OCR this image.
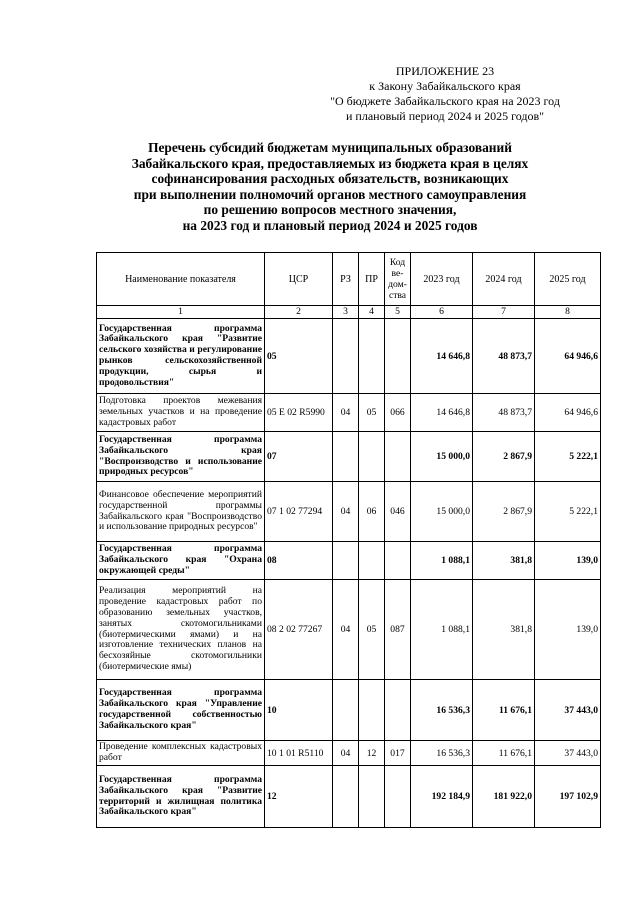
ПРИЛОЖЕНИЕ 23
к Закону Забайкальского края
"О бюджете Забайкальского края на 2023 год
и плановый период 2024 и 2025 годов"
Перечень субсидий бюджетам муниципальных образований
Забайкальского края, предоставляемых из бюджета края в целях
софинансирования расходных обязательств, возникающих
при выполнении полномочий органов местного самоуправления
по решению вопросов местного значения,
на 2023 год и плановый период 2024 и 2025 годов
Наименование показателя	ЦСР	РЗ	ПР	Код ве-дом-ства	2023 год	2024 год	2025 год
1	2	3	4	5	6	7	8
Государственная программа Забайкальского края "Развитие сельского хозяйства и регулирование рынков сельскохозяйственной продукции, сырья и продовольствия"	05				14 646,8	48 873,7	64 946,6
Подготовка проектов межевания земельных участков и на проведение кадастровых работ	05 Е 02 R5990	04	05	066	14 646,8	48 873,7	64 946,6
Государственная программа Забайкальского края "Воспроизводство и использование природных ресурсов"	07				15 000,0	2 867,9	5 222,1
Финансовое обеспечение мероприятий государственной программы Забайкальского края "Воспроизводство и использование природных ресурсов"	07 1 02 77294	04	06	046	15 000,0	2 867,9	5 222,1
Государственная программа Забайкальского края "Охрана окружающей среды"	08				1 088,1	381,8	139,0
Реализация мероприятий на проведение кадастровых работ по образованию земельных участков, занятых скотомогильниками (биотермическими ямами) и на изготовление технических планов на бесхозяйные скотомогильники (биотермические ямы)	08 2 02 77267	04	05	087	1 088,1	381,8	139,0
Государственная программа Забайкальского края "Управление государственной собственностью Забайкальского края"	10				16 536,3	11 676,1	37 443,0
Проведение комплексных кадастровых работ	10 1 01 R5110	04	12	017	16 536,3	11 676,1	37 443,0
Государственная программа Забайкальского края "Развитие территорий и жилищная политика Забайкальского края"	12				192 184,9	181 922,0	197 102,9
